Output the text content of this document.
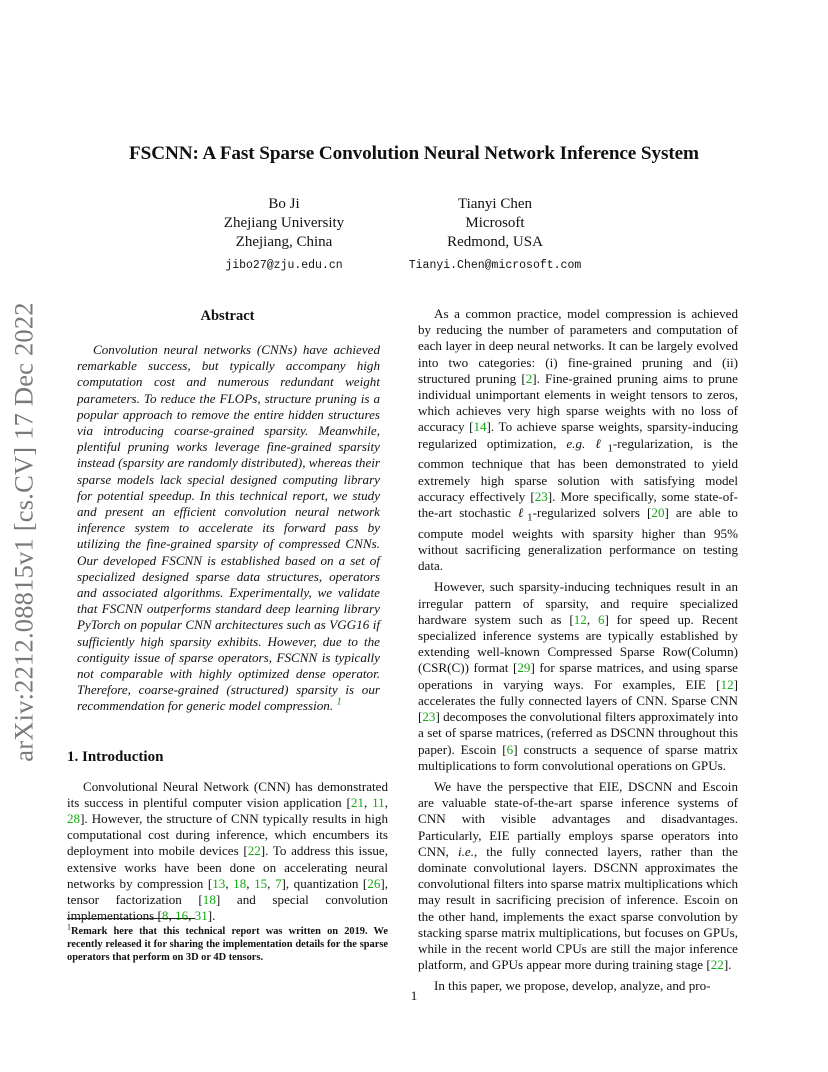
FSCNN: A Fast Sparse Convolution Neural Network Inference System
Bo Ji
Zhejiang University
Zhejiang, China
jibo27@zju.edu.cn
Tianyi Chen
Microsoft
Redmond, USA
Tianyi.Chen@microsoft.com
arXiv:2212.08815v1 [cs.CV] 17 Dec 2022	Abstract
Convolution neural networks (CNNs) have achieved remarkable success, but typically accompany high computation cost and numerous redundant weight parameters. To reduce the FLOPs, structure pruning is a popular approach to remove the entire hidden structures via introducing coarse-grained sparsity. Meanwhile, plentiful pruning works leverage fine-grained sparsity instead (sparsity are randomly distributed), whereas their sparse models lack special designed computing library for potential speedup. In this technical report, we study and present an efficient convolution neural network inference system to accelerate its forward pass by utilizing the fine-grained sparsity of compressed CNNs. Our developed FSCNN is established based on a set of specialized designed sparse data structures, operators and associated algorithms. Experimentally, we validate that FSCNN outperforms standard deep learning library PyTorch on popular CNN architectures such as VGG16 if sufficiently high sparsity exhibits. However, due to the contiguity issue of sparse operators, FSCNN is typically not comparable with highly optimized dense operator. Therefore, coarse-grained (structured) sparsity is our recommendation for generic model compression. $^1$
1. Introduction

Convolutional Neural Network (CNN) has demonstrated its success in plentiful computer vision application [21, 11, 28]. However, the structure of CNN typically results in high computational cost during inference, which encumbers its deployment into mobile devices [22]. To address this issue, extensive works have been done on accelerating neural networks by compression [13, 18, 15, 7], quantization [26], tensor factorization [18] and special convolution implementations [8, 16, 31].

$^1$Remark here that this technical report was written on 2019. We recently released it for sharing the implementation details for the sparse operators that perform on 3D or 4D tensors.

As a common practice, model compression is achieved by reducing the number of parameters and computation of each layer in deep neural networks. It can be largely evolved into two categories: (i) fine-grained pruning and (ii) structured pruning [2]. Fine-grained pruning aims to prune individual unimportant elements in weight tensors to zeros, which achieves very high sparse weights with no loss of accuracy [14]. To achieve sparse weights, sparsity-inducing regularized optimization, e.g. ℓ$_1$-regularization, is the common technique that has been demonstrated to yield extremely high sparse solution with satisfying model accuracy effectively [23]. More specifically, some state-of-the-art stochastic ℓ$_1$-regularized solvers [20] are able to compute model weights with sparsity higher than 95% without sacrificing generalization performance on testing data.

However, such sparsity-inducing techniques result in an irregular pattern of sparsity, and require specialized hardware system such as [12, 6] for speed up. Recent specialized inference systems are typically established by extending well-known Compressed Sparse Row(Column) (CSR(C)) format [29] for sparse matrices, and using sparse operations in varying ways. For examples, EIE [12] accelerates the fully connected layers of CNN. Sparse CNN [23] decomposes the convolutional filters approximately into a set of sparse matrices, (referred as DSCNN throughout this paper). Escoin [6] constructs a sequence of sparse matrix multiplications to form convolutional operations on GPUs.

We have the perspective that EIE, DSCNN and Escoin are valuable state-of-the-art sparse inference systems of CNN with visible advantages and disadvantages. Particularly, EIE partially employs sparse operators into CNN, i.e., the fully connected layers, rather than the dominate convolutional layers. DSCNN approximates the convolutional filters into sparse matrix multiplications which may result in sacrificing precision of inference. Escoin on the other hand, implements the exact sparse convolution by stacking sparse matrix multiplications, but focuses on GPUs, while in the recent world CPUs are still the major inference platform, and GPUs appear more during training stage [22].

In this paper, we propose, develop, analyze, and pro-

1
